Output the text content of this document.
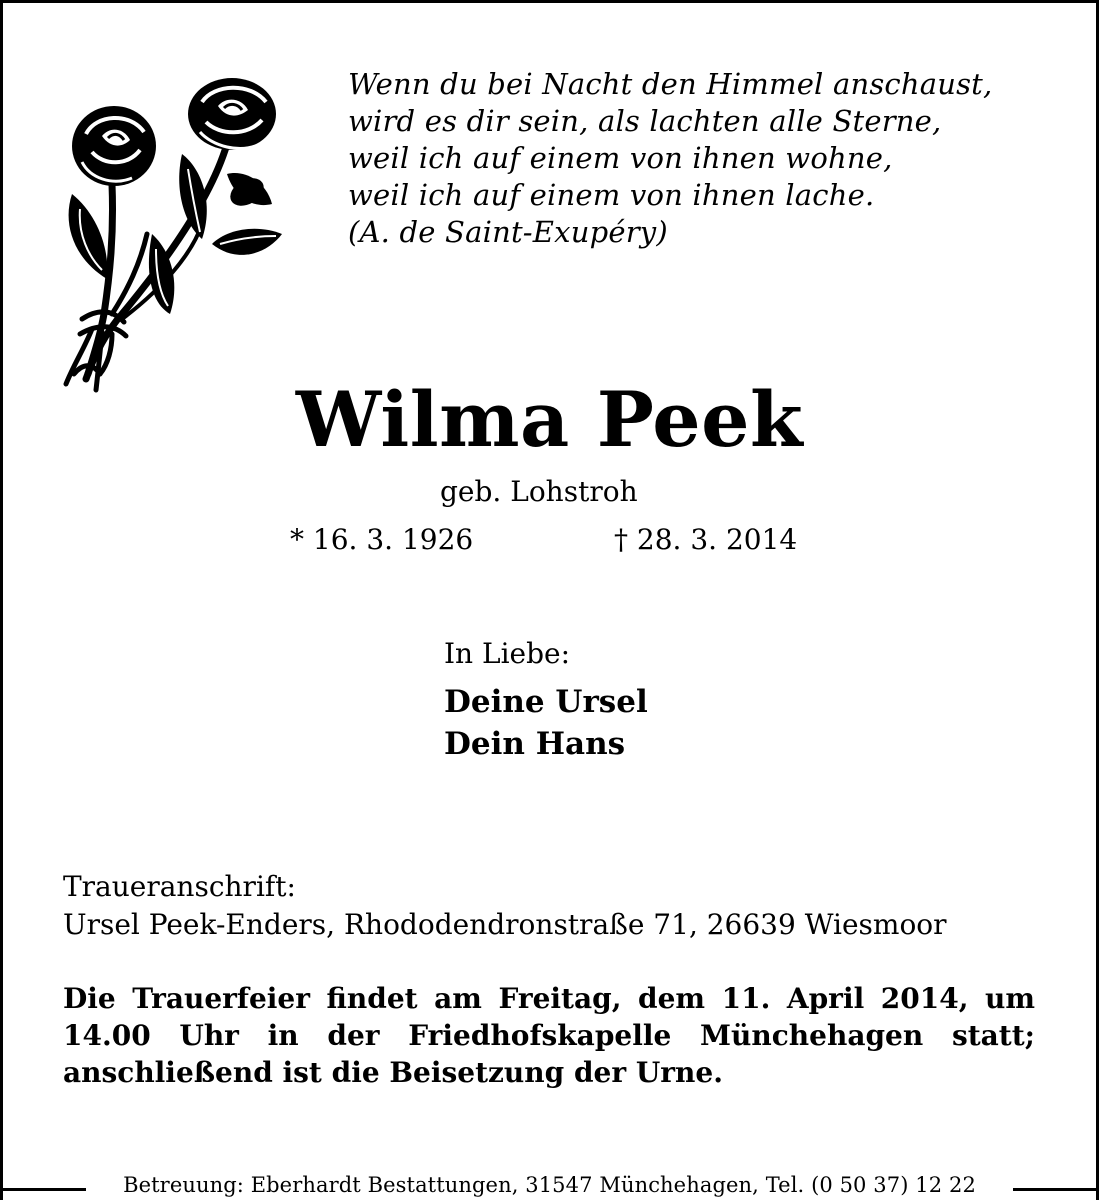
Wenn du bei Nacht den Himmel anschaust,
wird es dir sein, als lachten alle Sterne,
weil ich auf einem von ihnen wohne,
weil ich auf einem von ihnen lache.
(A. de Saint-Exupéry)
Wilma Peek
geb. Lohstroh
* 16. 3. 1926	† 28. 3. 2014
In Liebe:
Deine Ursel
Dein Hans
Traueranschrift:
Ursel Peek-Enders, Rhododendronstraße 71, 26639 Wiesmoor
Die Trauerfeier findet am Freitag, dem 11. April 2014, um
14.00 Uhr in der Friedhofskapelle Münchehagen statt;
anschließend ist die Beisetzung der Urne.
Betreuung: Eberhardt Bestattungen, 31547 Münchehagen, Tel. (0 50 37) 12 22
